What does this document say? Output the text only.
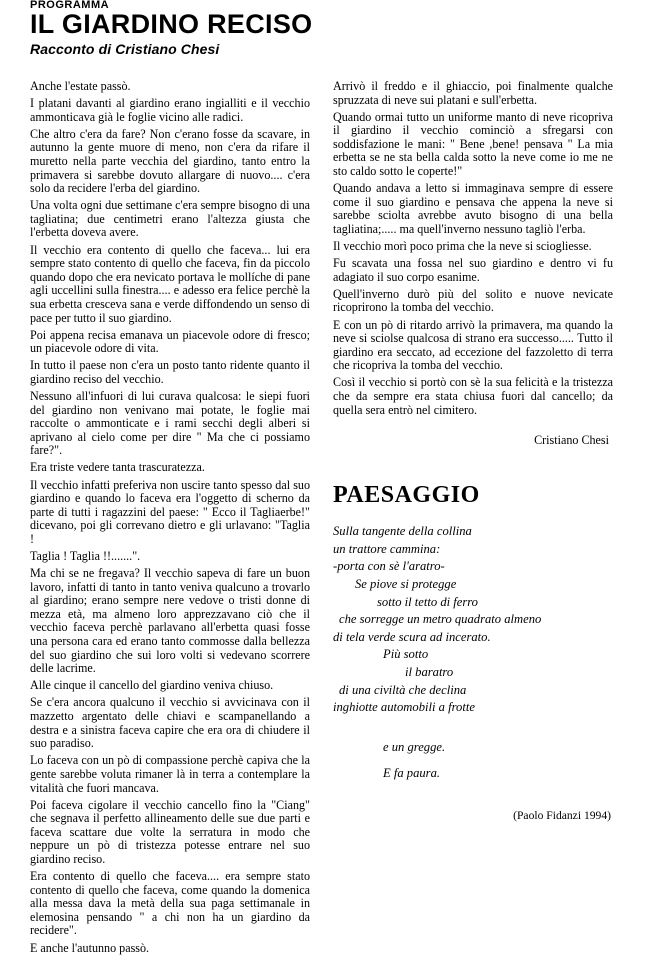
PROGRAMMA
IL GIARDINO RECISO
Racconto di Cristiano Chesi

Anche l'estate passò.

I platani davanti al giardino erano ingialliti e il vecchio ammonticava già le foglie vicino alle radici.

Che altro c'era da fare? Non c'erano fosse da scavare, in autunno la gente muore di meno, non c'era da rifare il muretto nella parte vecchia del giardino, tanto entro la primavera si sarebbe dovuto allargare di nuovo.... c'era solo da recidere l'erba del giardino.

Una volta ogni due settimane c'era sempre bisogno di una tagliatina; due centimetri erano l'altezza giusta che l'erbetta doveva avere.

Il vecchio era contento di quello che faceva... lui era sempre stato contento di quello che faceva, fin da piccolo quando dopo che era nevicato portava le mollíche di pane agli uccellini sulla finestra.... e adesso era felice perchè la sua erbetta cresceva sana e verde diffondendo un senso di pace per tutto il suo giardino.

Poi appena recisa emanava un piacevole odore di fresco; un piacevole odore di vita.

In tutto il paese non c'era un posto tanto ridente quanto il giardino reciso del vecchio.

Nessuno all'infuori di lui curava qualcosa: le siepi fuori del giardino non venivano mai potate, le foglie mai raccolte o ammonticate e i rami secchi degli alberi si aprivano al cielo come per dire " Ma che ci possiamo fare?".

Era triste vedere tanta trascuratezza.

Il vecchio infatti preferiva non uscire tanto spesso dal suo giardino e quando lo faceva era l'oggetto di scherno da parte di tutti i ragazzini del paese: " Ecco il Tagliaerbe!" dicevano, poi gli correvano dietro e gli urlavano: "Taglia !

Taglia ! Taglia !!.......".

Ma chi se ne fregava? Il vecchio sapeva di fare un buon lavoro, infatti di tanto in tanto veniva qualcuno a trovarlo al giardino; erano sempre nere vedove o tristi donne di mezza età, ma almeno loro apprezzavano ciò che il vecchio faceva perchè parlavano all'erbetta quasi fosse una persona cara ed erano tanto commosse dalla bellezza del suo giardino che sui loro volti si vedevano scorrere delle lacrime.

Alle cinque il cancello del giardino veniva chiuso.

Se c'era ancora qualcuno il vecchio si avvicinava con il mazzetto argentato delle chiavi e scampanellando a destra e a sinistra faceva capire che era ora di chiudere il suo paradiso.

Lo faceva con un pò di compassione perchè capiva che la gente sarebbe voluta rimaner là in terra a contemplare la vitalità che fuori mancava.

Poi faceva cigolare il vecchio cancello fino la "Ciang" che segnava il perfetto allineamento delle sue due parti e faceva scattare due volte la serratura in modo che neppure un pò di tristezza potesse entrare nel suo giardino reciso.

Era contento di quello che faceva.... era sempre stato contento di quello che faceva, come quando la domenica alla messa dava la metà della sua paga settimanale in elemosina pensando " a chi non ha un giardino da recidere".

E anche l'autunno passò.

Arrivò il freddo e il ghiaccio, poi finalmente qualche spruzzata di neve sui platani e sull'erbetta.

Quando ormai tutto un uniforme manto di neve ricopriva il giardino il vecchio cominciò a sfregarsi con soddisfazione le mani: " Bene ,bene! pensava " La mia erbetta se ne sta bella calda sotto la neve come io me ne sto caldo sotto le coperte!"

Quando andava a letto si immaginava sempre di essere come il suo giardino e pensava che appena la neve si sarebbe sciolta avrebbe avuto bisogno di una bella tagliatina;..... ma quell'inverno nessuno tagliò l'erba.

Il vecchio morì poco prima che la neve si sciogliesse.

Fu scavata una fossa nel suo giardino e dentro vi fu adagiato il suo corpo esanime.

Quell'inverno durò più del solito e nuove nevicate ricoprirono la tomba del vecchio.

E con un pò di ritardo arrivò la primavera, ma quando la neve si sciolse qualcosa di strano era successo..... Tutto il giardino era seccato, ad eccezione del fazzoletto di terra che ricopriva la tomba del vecchio.

Così il vecchio si portò con sè la sua felicità e la tristezza che da sempre era stata chiusa fuori dal cancello; da quella sera entrò nel cimitero.

Cristiano Chesi
PAESAGGIO
Sulla tangente della collina
un trattore cammina:
-porta con sè l'aratro-
Se piove si protegge
sotto il tetto di ferro
che sorregge un metro quadrato almeno
di tela verde scura ad incerato.
Più sotto
il baratro
di una civiltà che declina
inghiotte automobili a frotte
e un gregge.
E fa paura.
(Paolo Fidanzi 1994)
